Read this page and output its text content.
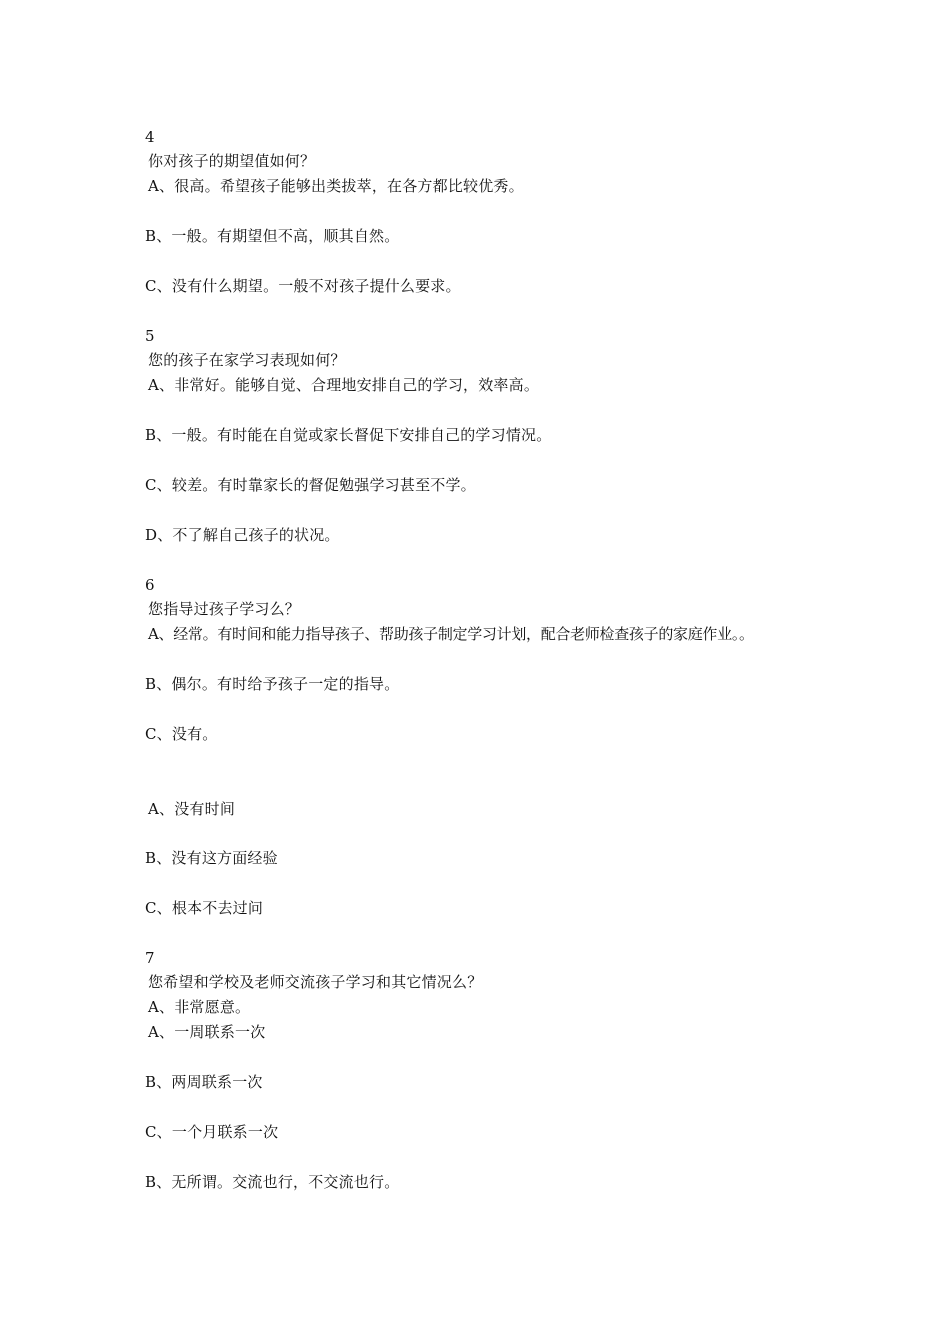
4
你对孩子的期望值如何？
A、很高。希望孩子能够出类拔萃，在各方都比较优秀。
B、一般。有期望但不高，顺其自然。
C、没有什么期望。一般不对孩子提什么要求。
5
您的孩子在家学习表现如何？
A、非常好。能够自觉、合理地安排自己的学习，效率高。
B、一般。有时能在自觉或家长督促下安排自己的学习情况。
C、较差。有时靠家长的督促勉强学习甚至不学。
D、不了解自己孩子的状况。
6
您指导过孩子学习么？
A、经常。有时间和能力指导孩子、帮助孩子制定学习计划，配合老师检查孩子的家庭作业。。
B、偶尔。有时给予孩子一定的指导。
C、没有。
A、没有时间
B、没有这方面经验
C、根本不去过问
7
您希望和学校及老师交流孩子学习和其它情况么？
A、非常愿意。
A、一周联系一次
B、两周联系一次
C、一个月联系一次
B、无所谓。交流也行，不交流也行。
